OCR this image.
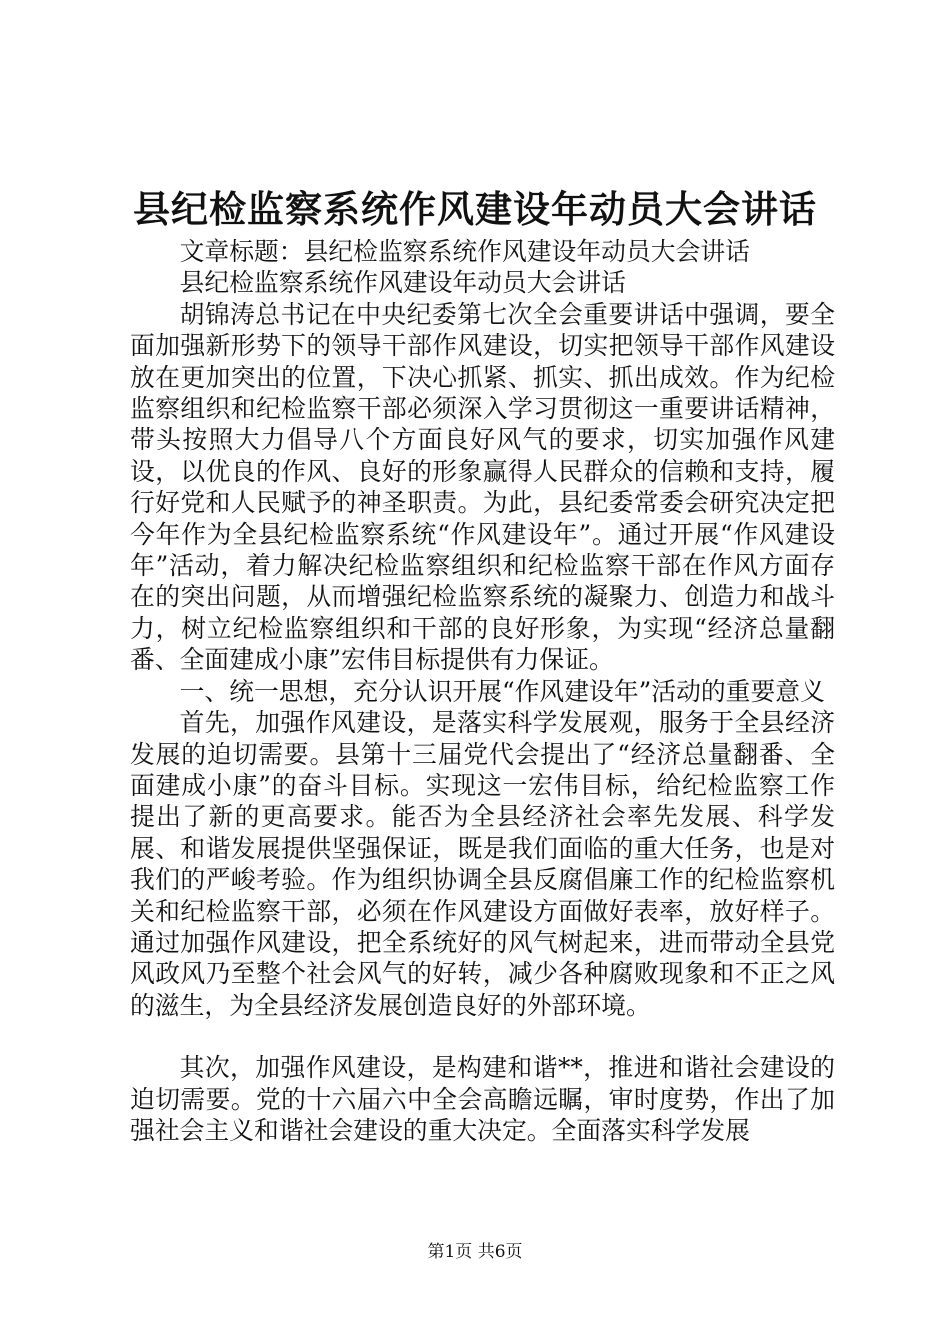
县纪检监察系统作风建设年动员大会讲话

文章标题：县纪检监察系统作风建设年动员大会讲话

县纪检监察系统作风建设年动员大会讲话

胡锦涛总书记在中央纪委第七次全会重要讲话中强调，要全面加强新形势下的领导干部作风建设，切实把领导干部作风建设放在更加突出的位置，下决心抓紧、抓实、抓出成效。作为纪检监察组织和纪检监察干部必须深入学习贯彻这一重要讲话精神，带头按照大力倡导八个方面良好风气的要求，切实加强作风建设，以优良的作风、良好的形象赢得人民群众的信赖和支持，履行好党和人民赋予的神圣职责。为此，县纪委常委会研究决定把今年作为全县纪检监察系统“作风建设年”。通过开展“作风建设年”活动，着力解决纪检监察组织和纪检监察干部在作风方面存在的突出问题，从而增强纪检监察系统的凝聚力、创造力和战斗力，树立纪检监察组织和干部的良好形象，为实现“经济总量翻番、全面建成小康”宏伟目标提供有力保证。

一、统一思想，充分认识开展“作风建设年”活动的重要意义

首先，加强作风建设，是落实科学发展观，服务于全县经济发展的迫切需要。县第十三届党代会提出了“经济总量翻番、全面建成小康”的奋斗目标。实现这一宏伟目标，给纪检监察工作提出了新的更高要求。能否为全县经济社会率先发展、科学发展、和谐发展提供坚强保证，既是我们面临的重大任务，也是对我们的严峻考验。作为组织协调全县反腐倡廉工作的纪检监察机关和纪检监察干部，必须在作风建设方面做好表率，放好样子。通过加强作风建设，把全系统好的风气树起来，进而带动全县党风政风乃至整个社会风气的好转，减少各种腐败现象和不正之风的滋生，为全县经济发展创造良好的外部环境。

其次，加强作风建设，是构建和谐**，推进和谐社会建设的迫切需要。党的十六届六中全会高瞻远瞩，审时度势，作出了加强社会主义和谐社会建设的重大决定。全面落实科学发展

第1页 共6页
